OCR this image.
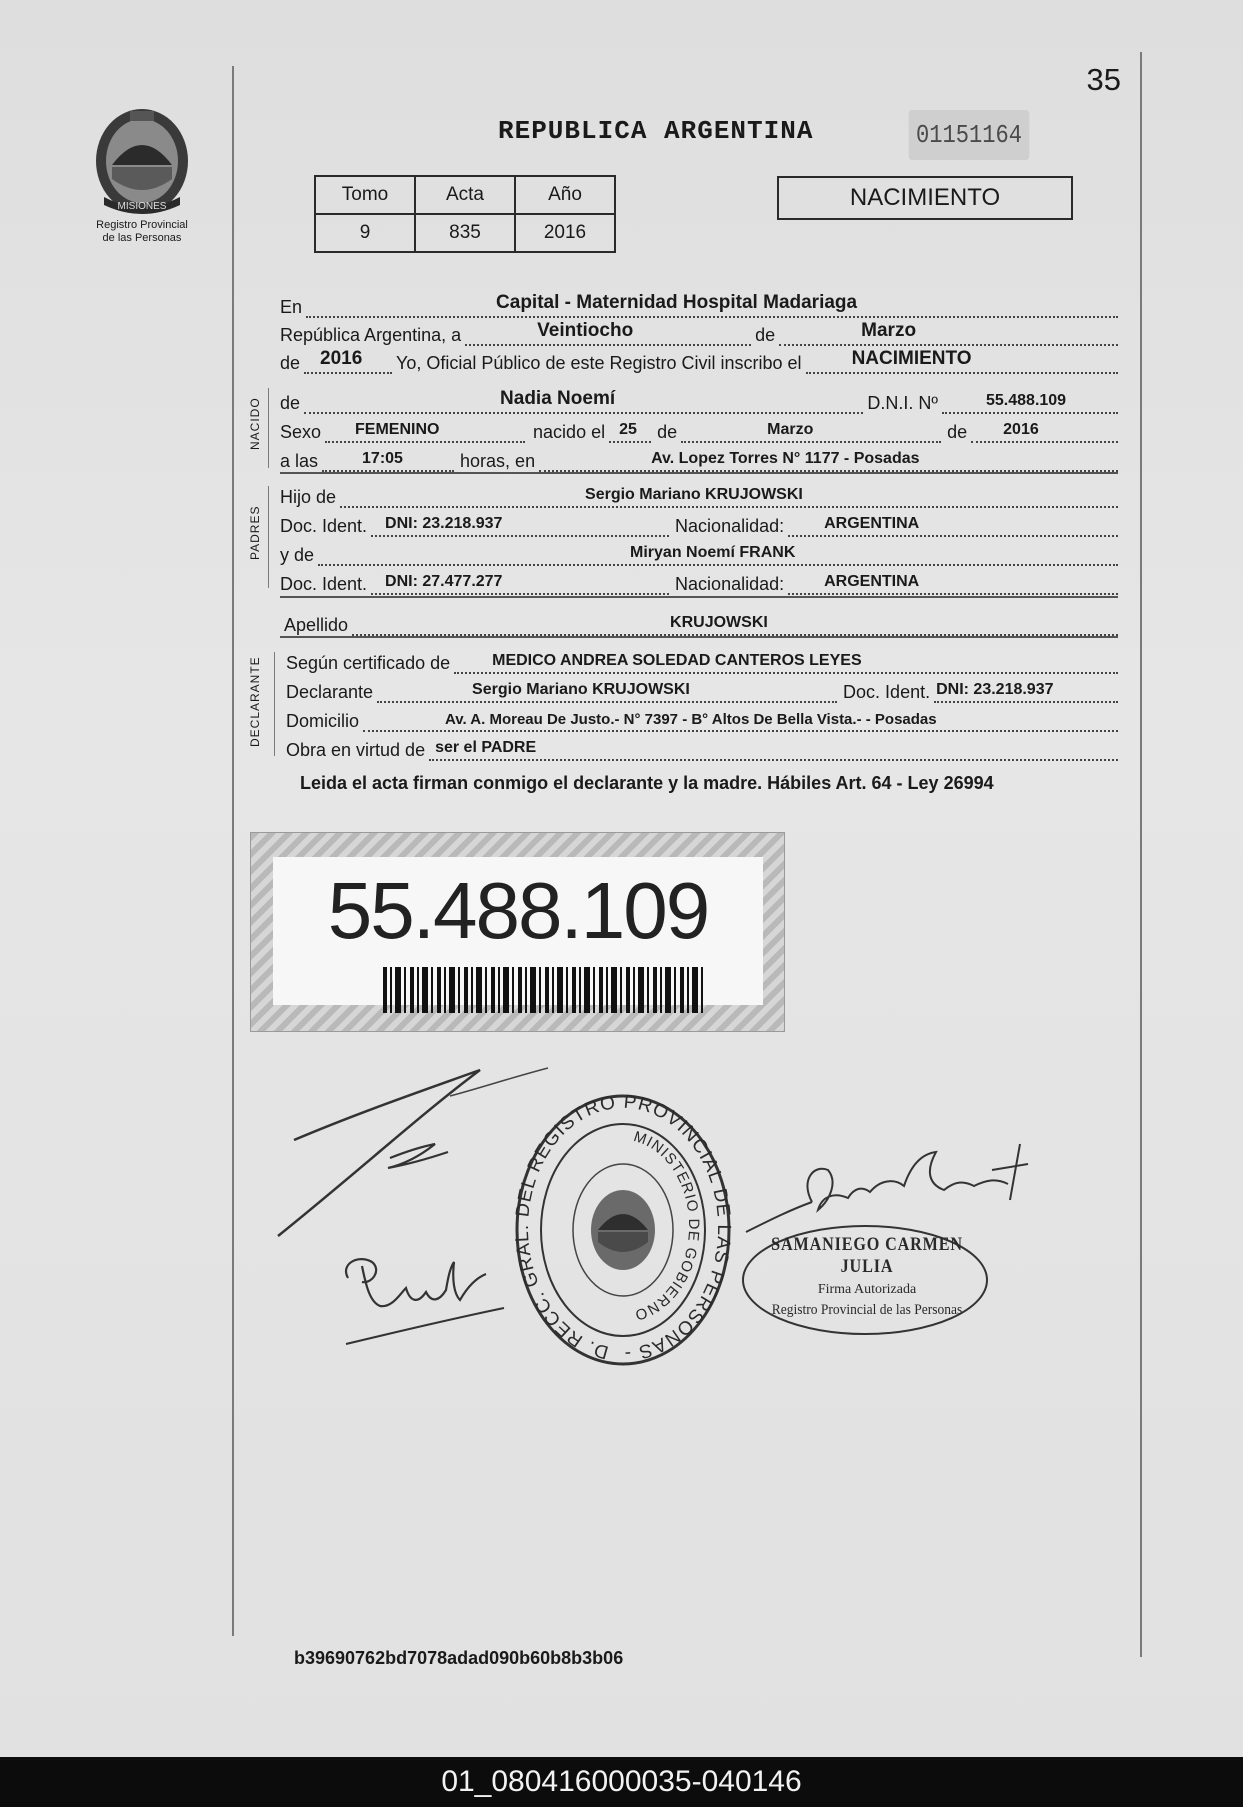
35
MISIONES
Registro Provincial
de las Personas
REPUBLICA ARGENTINA	01151164
Tomo	Acta	Año
9	835	2016
NACIMIENTO
En	Capital - Maternidad Hospital Madariaga
República Argentina, a	Veintiocho	de	Marzo
de 2016 Yo, Oficial Público de este Registro Civil inscribo el	NACIMIENTO
NACIDO de	Nadia Noemí	D.N.I. Nº	55.488.109
Sexo FEMENINO	nacido el 25	de	Marzo	de 2016
a las	17:05	horas, en	Av. Lopez Torres N° 1177 - Posadas
PADRES
Hijo de	Sergio Mariano KRUJOWSKI
Doc. Ident. DNI: 23.218.937	Nacionalidad:	ARGENTINA
y de	Miryan Noemí FRANK
Doc. Ident. DNI: 27.477.277	Nacionalidad:	ARGENTINA
Apellido	KRUJOWSKI
DECLARANTE Según certificado de	MEDICO ANDREA SOLEDAD CANTEROS LEYES
Declarante	Sergio Mariano KRUJOWSKI	Doc. Ident. DNI: 23.218.937
Domicilio	Av. A. Moreau De Justo.- N° 7397 - B° Altos De Bella Vista.- - Posadas
Obra en virtud de ser el PADRE
Leida el acta firman conmigo el declarante y la madre. Hábiles Art. 64 - Ley 26994
55.488.109
D. RECC. GRAL. DEL REGISTRO PROVINCIAL DE LAS PERSONAS -
MINISTERIO DE GOBIERNO
SAMANIEGO CARMEN JULIA
Firma Autorizada
Registro Provincial de las Personas
b39690762bd7078adad090b60b8b3b06
01_080416000035-040146
